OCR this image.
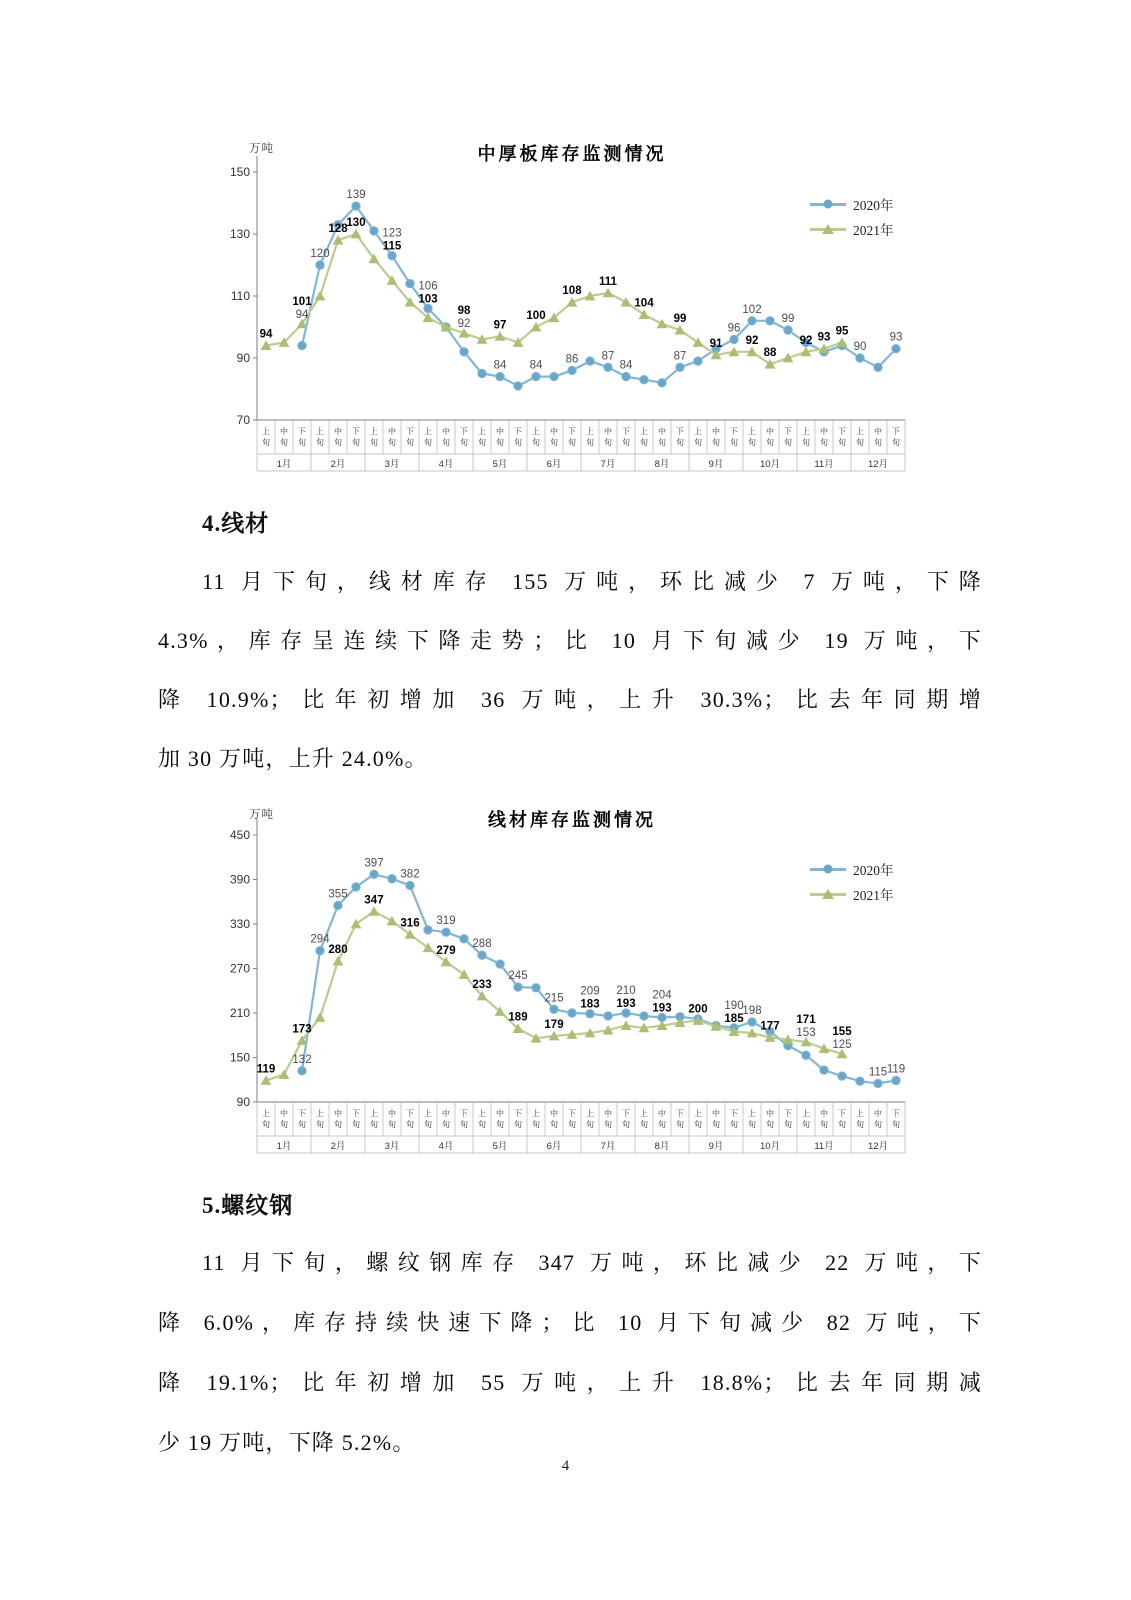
万吨	中厚板库存监测情况
2020年
2021年
70
90
110
130
150
上
旬
中
旬
下
旬
1月
上
旬
中
旬
下
旬
2月
上
旬
中
旬
下
旬
3月
上
旬
中
旬
下
旬
4月
上
旬
中
旬
下
旬
5月
上
旬
中
旬
下
旬
6月
上
旬
中
旬
下
旬
7月
上
旬
中
旬
下
旬
8月
上
旬
中
旬
下
旬
9月
上
旬
中
旬
下
旬
10月
上
旬
中
旬
下
旬
11月
上
旬
中
旬
下
旬
12月
94
120
139
123
106
92
84 84
86 87
84
87
96
102
99
90
93
94
101
128
130
115
103
98
97
100
108
111
104
99
91 92
88
92 93
95
4.线材
11 月下旬，线材库存 155 万吨，环比减少 7 万吨，下降
4.3%，库存呈连续下降走势；比 10 月下旬减少 19 万吨，下
降 10.9%；比年初增加 36 万吨，上升 30.3%；比去年同期增
加 30 万吨，上升 24.0%。
万吨	线材库存监测情况
2020年
2021年
90
150
210
270
330
390
450
上
旬
中
旬
下
旬
1月
上
旬
中
旬
下
旬
2月
上
旬
中
旬
下
旬
3月
上
旬
中
旬
下
旬
4月
上
旬
中
旬
下
旬
5月
上
旬
中
旬
下
旬
6月
上
旬
中
旬
下
旬
7月
上
旬
中
旬
下
旬
8月
上
旬
中
旬
下
旬
9月
上
旬
中
旬
下
旬
10月
上
旬
中
旬
下
旬
11月
上
旬
中
旬
下
旬
12月
132
294
355
397
382
319
288
245
215
209 210 204
190
198
153
125
115 119
119
173
280
347
316
279
233
189
179
183 193 193 200
185
177
171
155
5.螺纹钢
11 月下旬，螺纹钢库存 347 万吨，环比减少 22 万吨，下
降 6.0%，库存持续快速下降；比 10 月下旬减少 82 万吨，下
降 19.1%；比年初增加 55 万吨，上升 18.8%；比去年同期减
少 19 万吨，下降 5.2%。
4
